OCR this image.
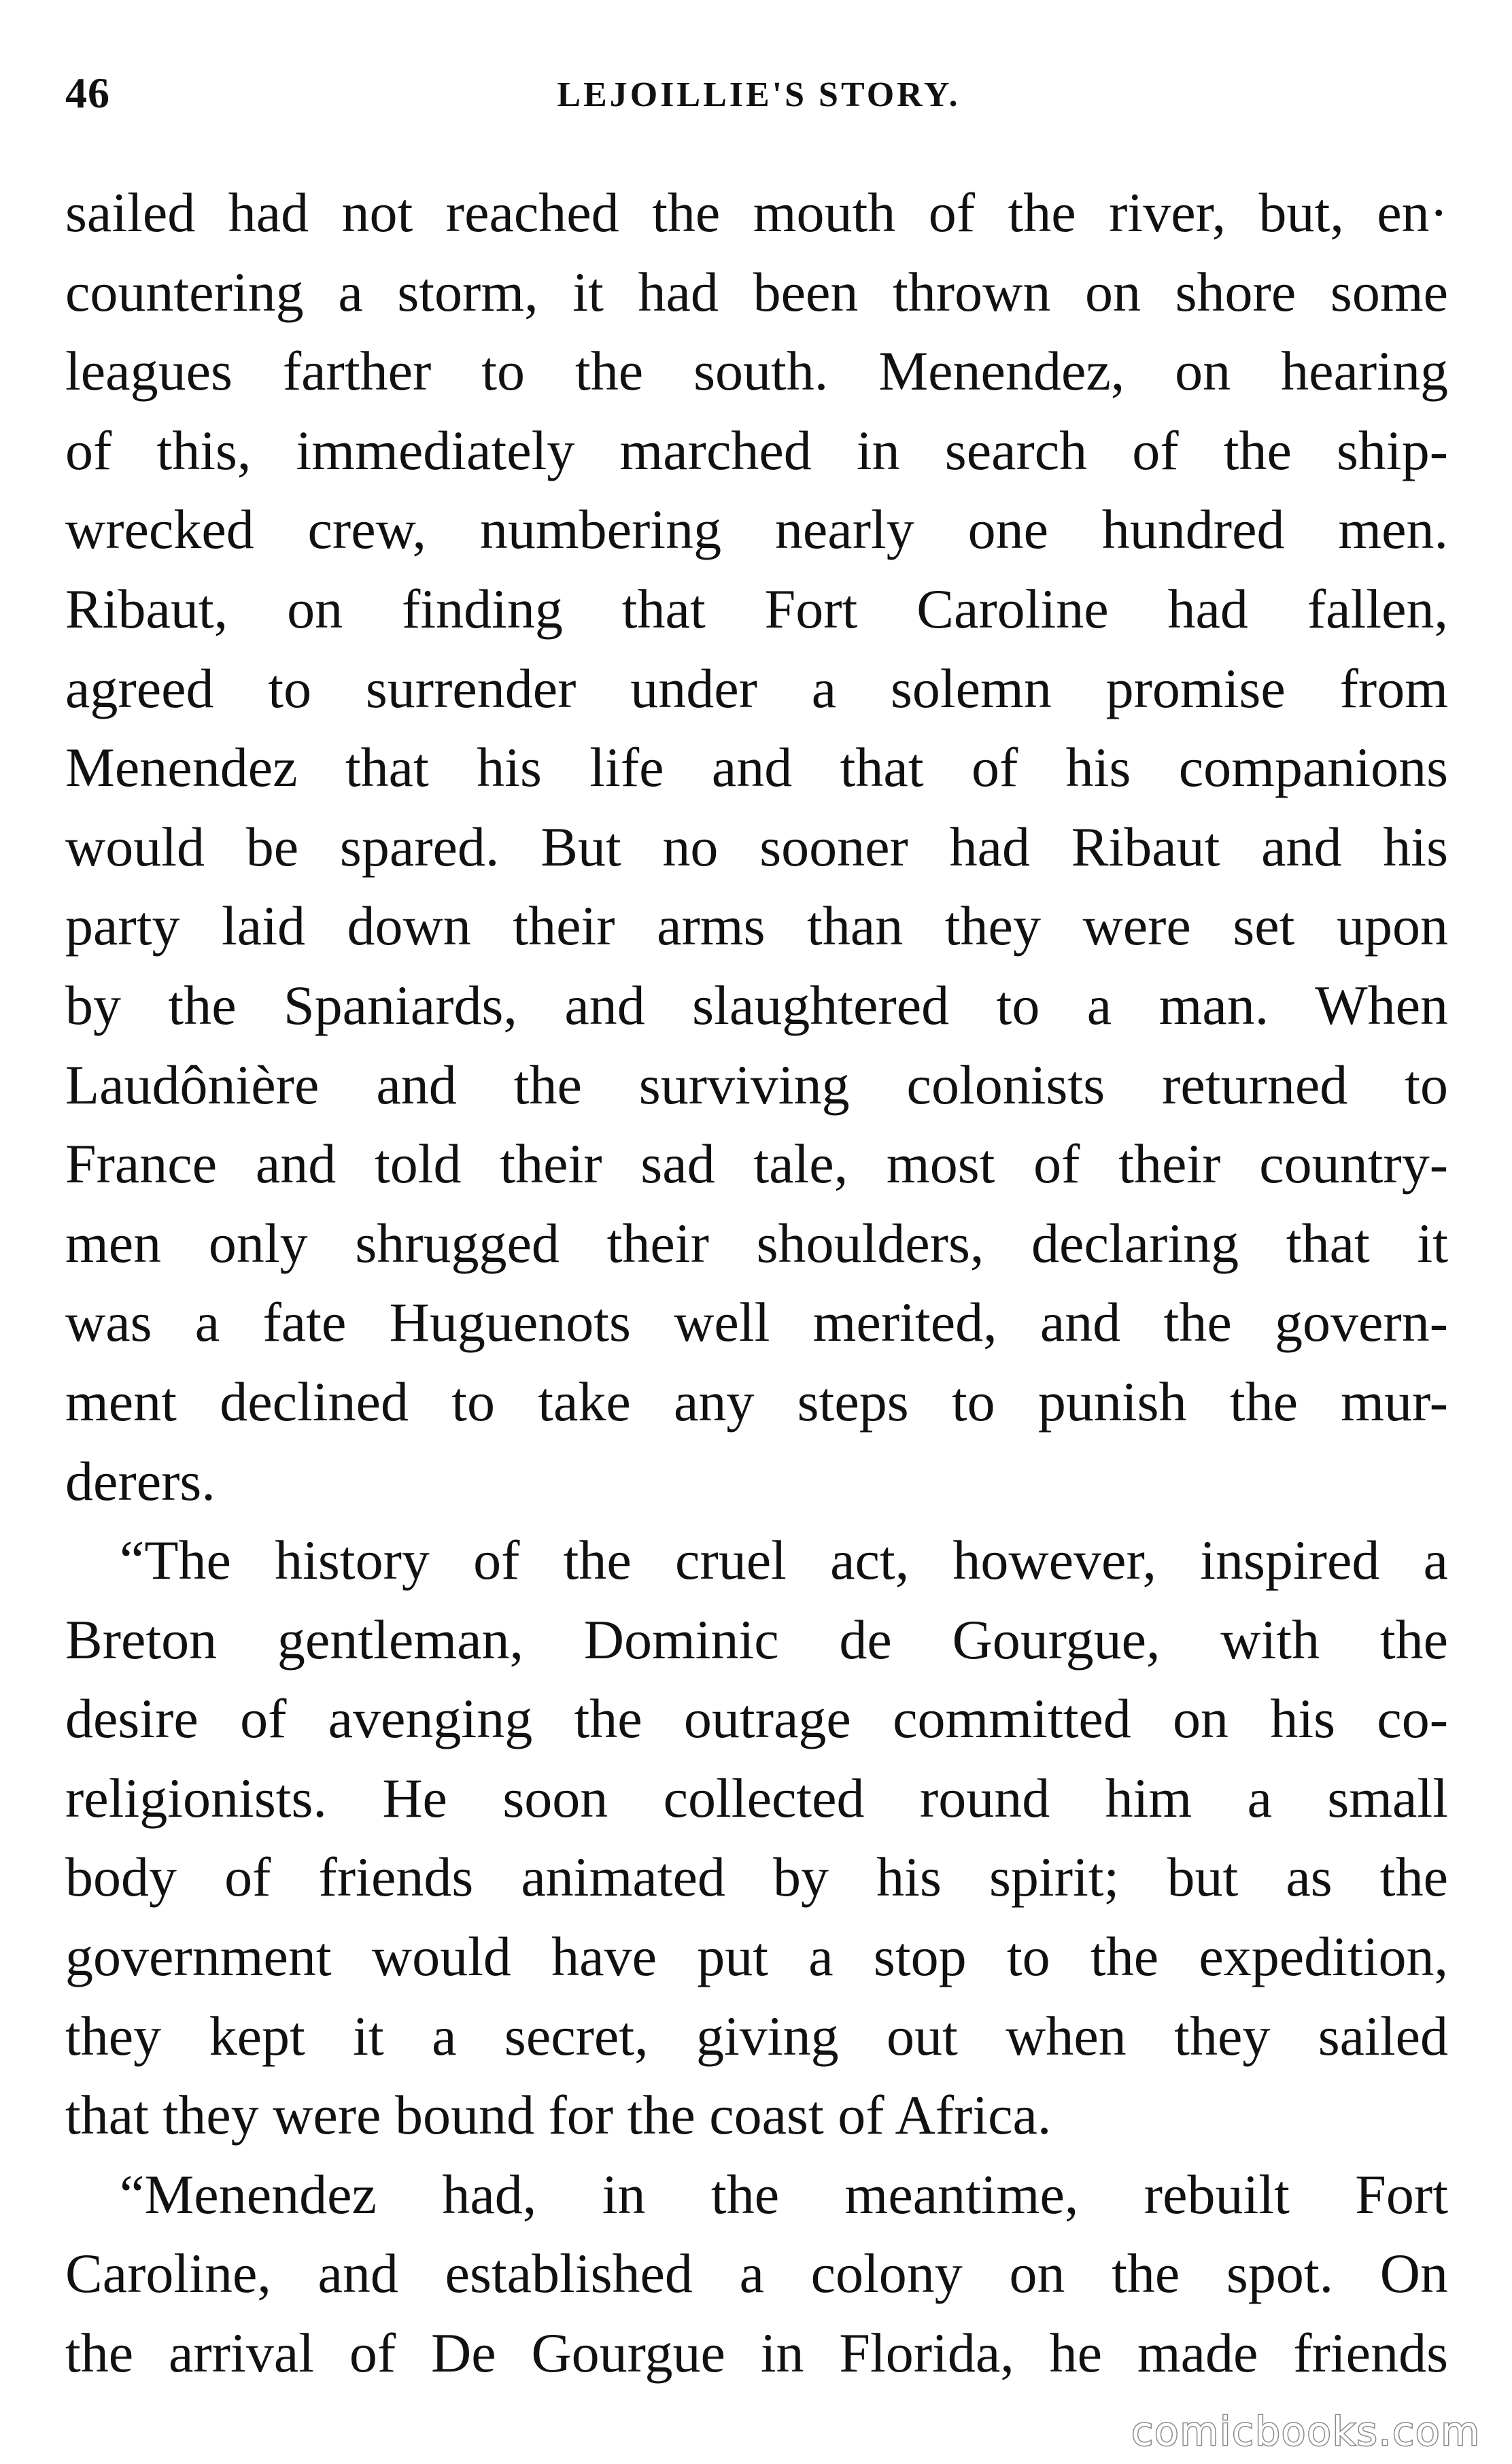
46	LEJOILLIE'S STORY.
sailed had not reached the mouth of the river, but, en·
countering a storm, it had been thrown on shore some
leagues farther to the south. Menendez, on hearing
of this, immediately marched in search of the ship-
wrecked crew, numbering nearly one hundred men.
Ribaut, on finding that Fort Caroline had fallen,
agreed to surrender under a solemn promise from
Menendez that his life and that of his companions
would be spared. But no sooner had Ribaut and his
party laid down their arms than they were set upon
by the Spaniards, and slaughtered to a man. When
Laudônière and the surviving colonists returned to
France and told their sad tale, most of their country-
men only shrugged their shoulders, declaring that it
was a fate Huguenots well merited, and the govern-
ment declined to take any steps to punish the mur-
derers.
“The history of the cruel act, however, inspired a
Breton gentleman, Dominic de Gourgue, with the
desire of avenging the outrage committed on his co-
religionists. He soon collected round him a small
body of friends animated by his spirit; but as the
government would have put a stop to the expedition,
they kept it a secret, giving out when they sailed
that they were bound for the coast of Africa.
“Menendez had, in the meantime, rebuilt Fort
Caroline, and established a colony on the spot. On
the arrival of De Gourgue in Florida, he made friends
comicbooks.com
